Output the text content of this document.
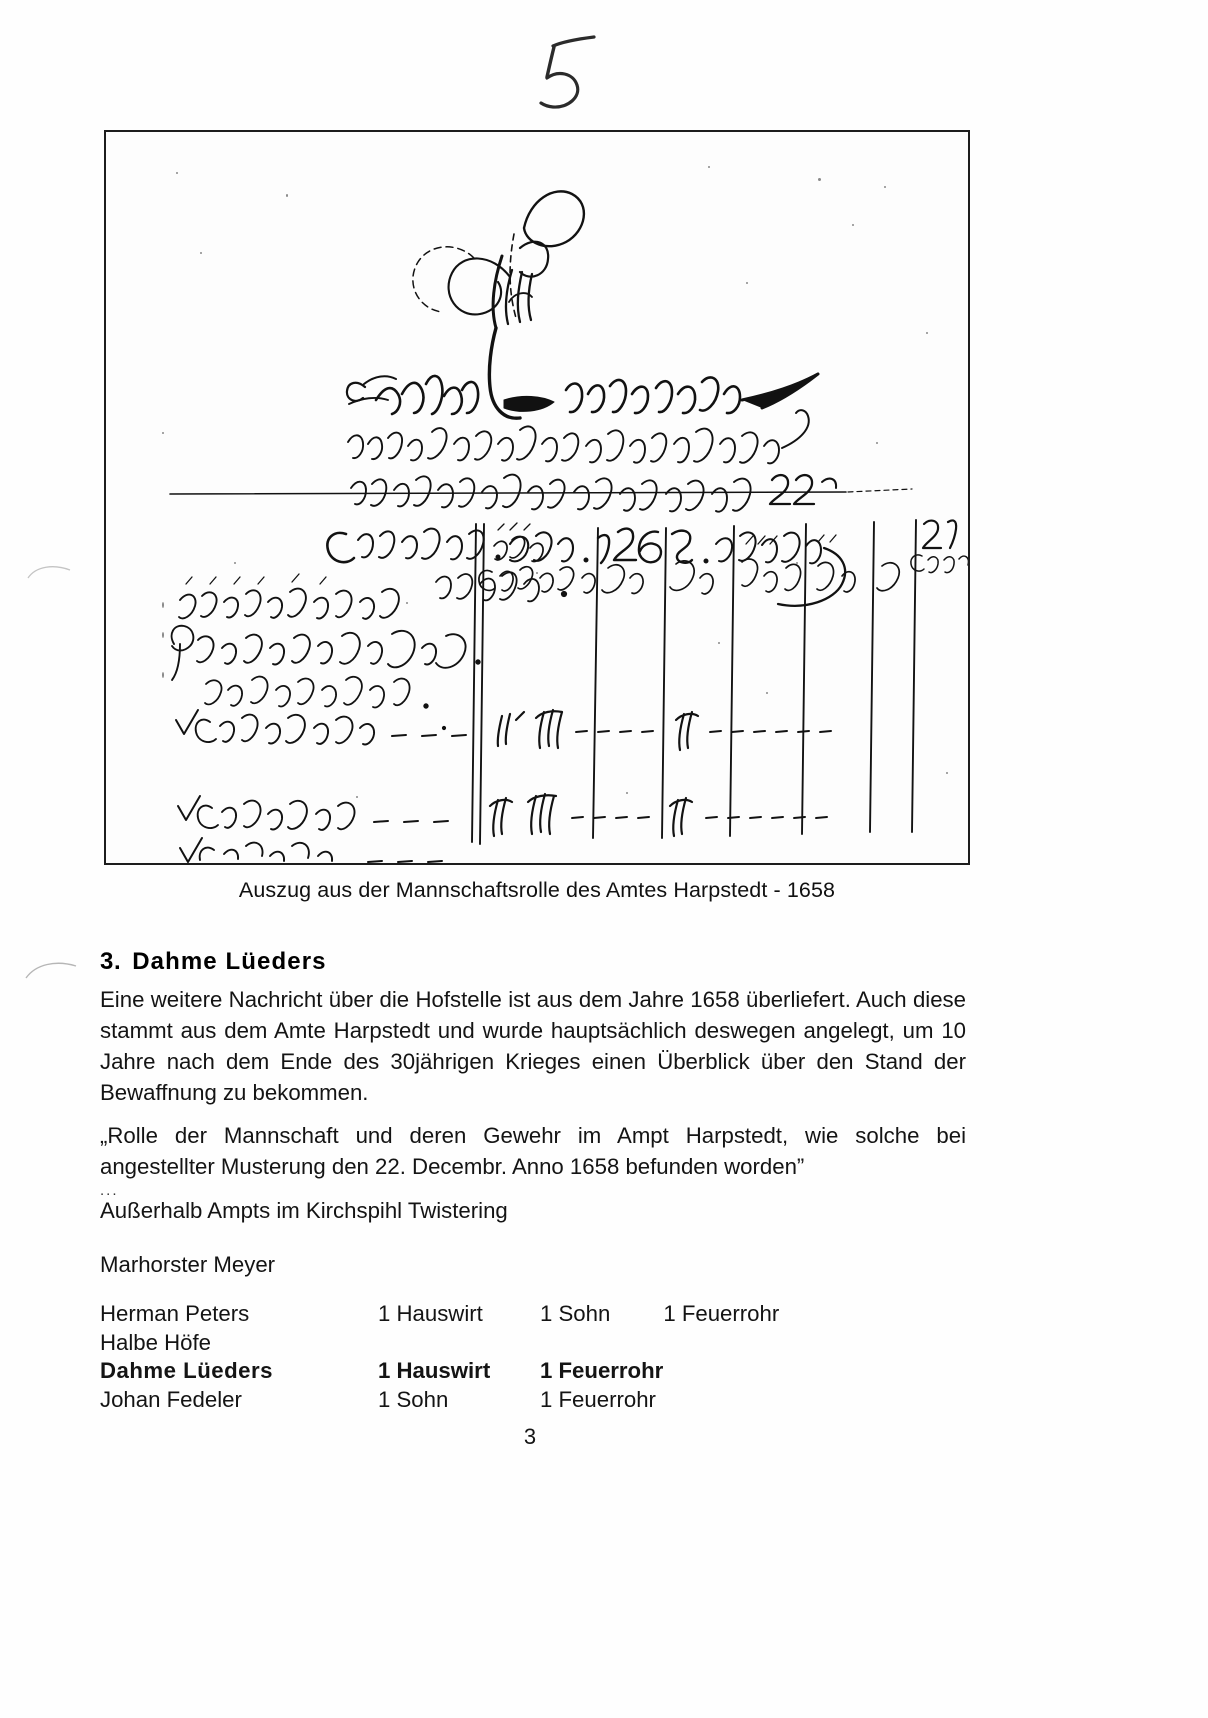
Auszug aus der Mannschaftsrolle des Amtes Harpstedt - 1658
3. Dahme Lüeders

Eine weitere Nachricht über die Hofstelle ist aus dem Jahre 1658 überliefert. Auch diese stammt aus dem Amte Harpstedt und wurde hauptsächlich deswegen angelegt, um 10 Jahre nach dem Ende des 30jährigen Krieges einen Überblick über den Stand der Bewaffnung zu bekommen.

„Rolle der Mannschaft und deren Gewehr im Ampt Harpstedt, wie solche bei angestellter Musterung den 22. Decembr. Anno 1658 befunden worden”

...
Außerhalb Ampts im Kirchspihl Twistering
Marhorster Meyer
Herman Peters	1 Hauswirt	1 Sohn	1 Feuerrohr
Halbe Höfe			
Dahme Lüeders	1 Hauswirt	1 Feuerrohr	
Johan Fedeler	1 Sohn	1 Feuerrohr	
3
